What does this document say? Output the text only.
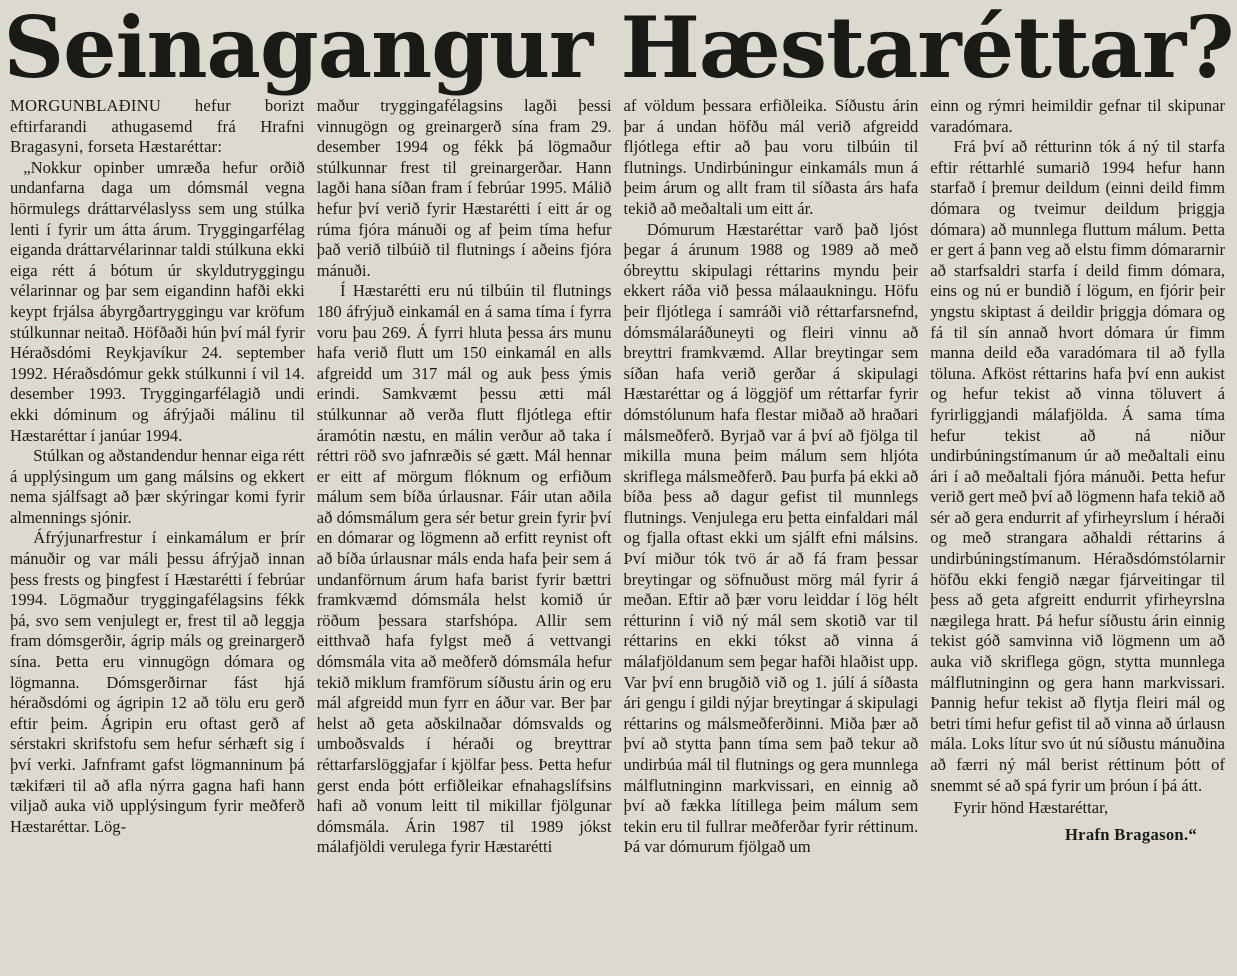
Seinagangur Hæstaréttar?

MORGUNBLAÐINU hefur borizt eftirfarandi athugasemd frá Hrafni Bragasyni, forseta Hæstaréttar:

„Nokkur opinber umræða hefur orðið undanfarna daga um dómsmál vegna hörmulegs dráttarvélaslyss sem ung stúlka lenti í fyrir um átta árum. Tryggingarfélag eiganda dráttarvélarinnar taldi stúlkuna ekki eiga rétt á bótum úr skyldutryggingu vélarinnar og þar sem eigandinn hafði ekki keypt frjálsa ábyrgðartryggingu var kröfum stúlkunnar neitað. Höfðaði hún því mál fyrir Héraðsdómi Reykjavíkur 24. september 1992. Héraðsdómur gekk stúlkunni í vil 14. desember 1993. Tryggingarfélagið undi ekki dóminum og áfrýjaði málinu til Hæstaréttar í janúar 1994.

Stúlkan og aðstandendur hennar eiga rétt á upplýsingum um gang málsins og ekkert nema sjálfsagt að þær skýringar komi fyrir almennings sjónir.

Áfrýjunarfrestur í einkamálum er þrír mánuðir og var máli þessu áfrýjað innan þess frests og þingfest í Hæstarétti í febrúar 1994. Lögmaður tryggingafélagsins fékk þá, svo sem venjulegt er, frest til að leggja fram dómsgerðir, ágrip máls og greinargerð sína. Þetta eru vinnugögn dómara og lögmanna. Dómsgerðirnar fást hjá héraðsdómi og ágripin 12 að tölu eru gerð eftir þeim. Ágripin eru oftast gerð af sérstakri skrifstofu sem hefur sérhæft sig í því verki. Jafnframt gafst lögmanninum þá tækifæri til að afla nýrra gagna hafi hann viljað auka við upplýsingum fyrir meðferð Hæstaréttar. Lög-

maður tryggingafélagsins lagði þessi vinnugögn og greinargerð sína fram 29. desember 1994 og fékk þá lögmaður stúlkunnar frest til greinargerðar. Hann lagði hana síðan fram í febrúar 1995. Málið hefur því verið fyrir Hæstarétti í eitt ár og rúma fjóra mánuði og af þeim tíma hefur það verið tilbúið til flutnings í aðeins fjóra mánuði.

Í Hæstarétti eru nú tilbúin til flutnings 180 áfrýjuð einkamál en á sama tíma í fyrra voru þau 269. Á fyrri hluta þessa árs munu hafa verið flutt um 150 einkamál en alls afgreidd um 317 mál og auk þess ýmis erindi. Samkvæmt þessu ætti mál stúlkunnar að verða flutt fljótlega eftir áramótin næstu, en málin verður að taka í réttri röð svo jafnræðis sé gætt. Mál hennar er eitt af mörgum flóknum og erfiðum málum sem bíða úrlausnar. Fáir utan aðila að dómsmálum gera sér betur grein fyrir því en dómarar og lögmenn að erfitt reynist oft að bíða úrlausnar máls enda hafa þeir sem á undanförnum árum hafa barist fyrir bættri framkvæmd dómsmála helst komið úr röðum þessara starfshópa. Allir sem eitthvað hafa fylgst með á vettvangi dómsmála vita að meðferð dómsmála hefur tekið miklum framförum síðustu árin og eru mál afgreidd mun fyrr en áður var. Ber þar helst að geta aðskilnaðar dómsvalds og umboðsvalds í héraði og breyttrar réttarfarslöggjafar í kjölfar þess. Þetta hefur gerst enda þótt erfiðleikar efnahagslífsins hafi að vonum leitt til mikillar fjölgunar dómsmála. Árin 1987 til 1989 jókst málafjöldi verulega fyrir Hæstarétti

af völdum þessara erfiðleika. Síðustu árin þar á undan höfðu mál verið afgreidd fljótlega eftir að þau voru tilbúin til flutnings. Undirbúningur einkamáls mun á þeim árum og allt fram til síðasta árs hafa tekið að meðaltali um eitt ár.

Dómurum Hæstaréttar varð það ljóst þegar á árunum 1988 og 1989 að með óbreyttu skipulagi réttarins myndu þeir ekkert ráða við þessa málaaukningu. Höfu þeir fljótlega í samráði við réttarfarsnefnd, dómsmálaráðuneyti og fleiri vinnu að breyttri framkvæmd. Allar breytingar sem síðan hafa verið gerðar á skipulagi Hæstaréttar og á löggjöf um réttarfar fyrir dómstólunum hafa flestar miðað að hraðari málsmeðferð. Byrjað var á því að fjölga til mikilla muna þeim málum sem hljóta skriflega málsmeðferð. Þau þurfa þá ekki að bíða þess að dagur gefist til munnlegs flutnings. Venjulega eru þetta einfaldari mál og fjalla oftast ekki um sjálft efni málsins. Því miður tók tvö ár að fá fram þessar breytingar og söfnuðust mörg mál fyrir á meðan. Eftir að þær voru leiddar í lög hélt rétturinn í við ný mál sem skotið var til réttarins en ekki tókst að vinna á málafjöldanum sem þegar hafði hlaðist upp. Var því enn brugðið við og 1. júlí á síðasta ári gengu í gildi nýjar breytingar á skipulagi réttarins og málsmeðferðinni. Miða þær að því að stytta þann tíma sem það tekur að undirbúa mál til flutnings og gera munnlega málflutninginn markvissari, en einnig að því að fækka lítillega þeim málum sem tekin eru til fullrar meðferðar fyrir réttinum. Þá var dómurum fjölgað um

einn og rýmri heimildir gefnar til skipunar varadómara.

Frá því að rétturinn tók á ný til starfa eftir réttarhlé sumarið 1994 hefur hann starfað í þremur deildum (einni deild fimm dómara og tveimur deildum þriggja dómara) að munnlega fluttum málum. Þetta er gert á þann veg að elstu fimm dómararnir að starfsaldri starfa í deild fimm dómara, eins og nú er bundið í lögum, en fjórir þeir yngstu skiptast á deildir þriggja dómara og fá til sín annað hvort dómara úr fimm manna deild eða varadómara til að fylla töluna. Afköst réttarins hafa því enn aukist og hefur tekist að vinna töluvert á fyrirliggjandi málafjölda. Á sama tíma hefur tekist að ná niður undirbúningstímanum úr að meðaltali einu ári í að meðaltali fjóra mánuði. Þetta hefur verið gert með því að lögmenn hafa tekið að sér að gera endurrit af yfirheyrslum í héraði og með strangara aðhaldi réttarins á undirbúningstímanum. Héraðsdómstólarnir höfðu ekki fengið nægar fjárveitingar til þess að geta afgreitt endurrit yfirheyrslna nægilega hratt. Þá hefur síðustu árin einnig tekist góð samvinna við lögmenn um að auka við skriflega gögn, stytta munnlega málflutninginn og gera hann markvissari. Þannig hefur tekist að flytja fleiri mál og betri tími hefur gefist til að vinna að úrlausn mála. Loks lítur svo út nú síðustu mánuðina að færri ný mál berist réttinum þótt of snemmt sé að spá fyrir um þróun í þá átt.

Fyrir hönd Hæstaréttar,

Hrafn Bragason.“
